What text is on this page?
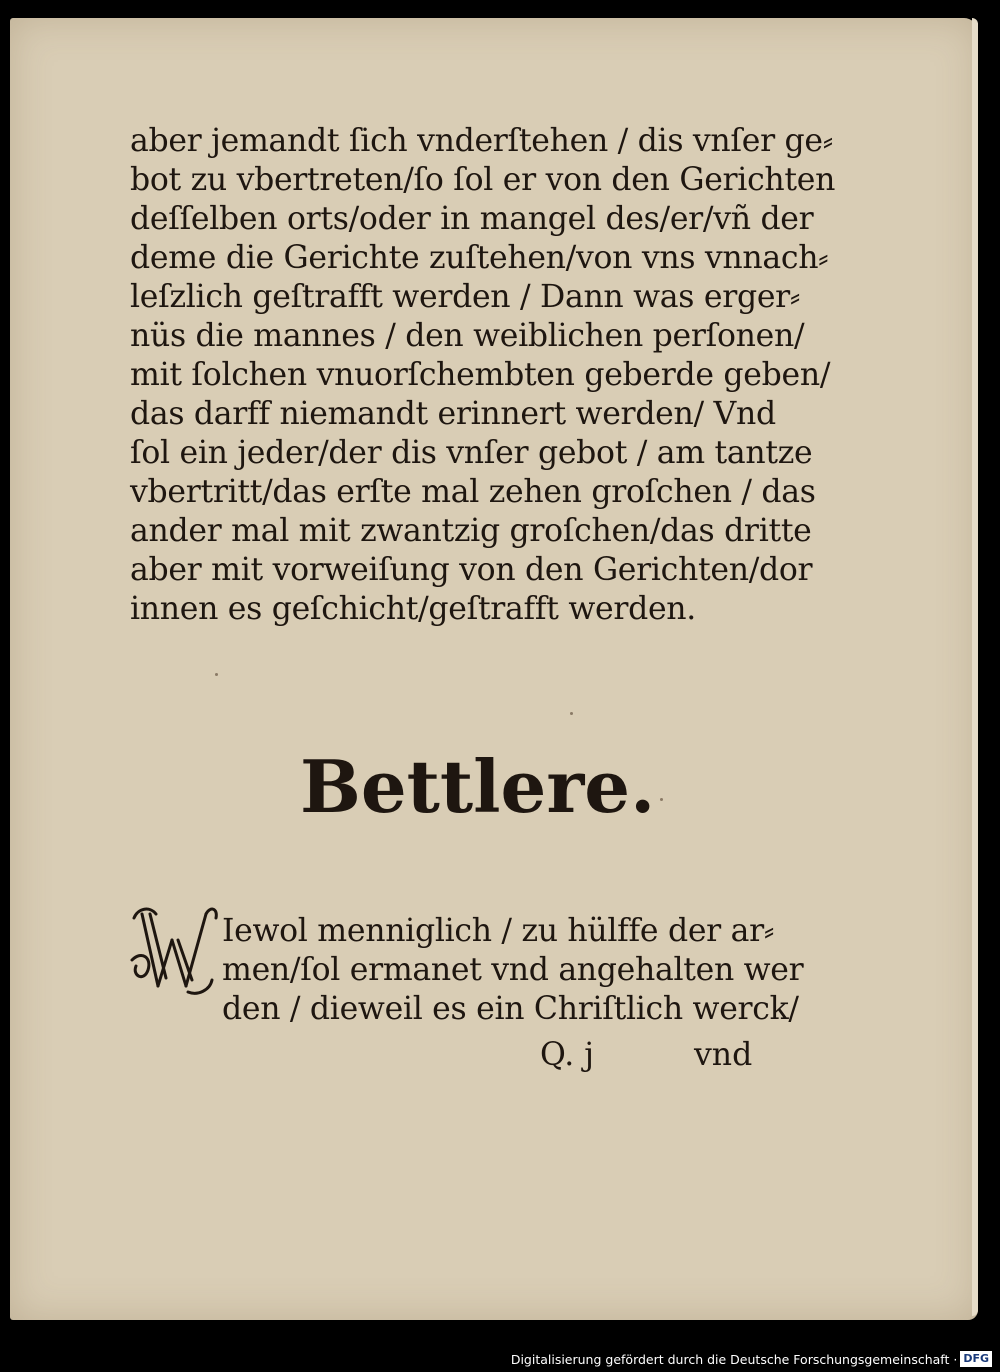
aber jemandt ſich vnderſtehen / dis vnſer ge⸗
bot zu vbertreten/ſo ſol er von den Gerichten
deſſelben orts/oder in mangel des/er/vñ der
deme die Gerichte zuſtehen/von vns vnnach⸗
leſzlich geſtrafft werden / Dann was erger⸗
nüs die mannes / den weiblichen perſonen/
mit ſolchen vnuorſchembten geberde geben/
das darff niemandt erinnert werden/ Vnd
ſol ein jeder/der dis vnſer gebot / am tantze
vbertritt/das erſte mal zehen groſchen / das
ander mal mit zwantzig groſchen/das dritte
aber mit vorweiſung von den Gerichten/dor
innen es geſchicht/geſtrafft werden.
Bettlere.
Iewol menniglich / zu hülffe der ar⸗
men/ſol ermanet vnd angehalten wer
den / dieweil es ein Chriſtlich werck/
Q. j	vnd
Digitalisierung gefördert durch die Deutsche Forschungsgemeinschaft · DFG
